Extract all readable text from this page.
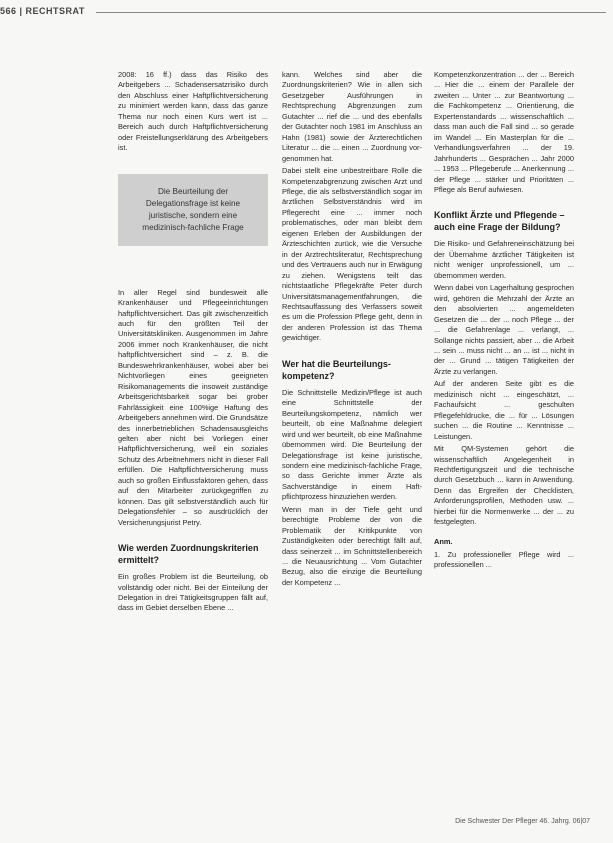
566 | RECHTSRAT

2008: 16 ff.) dass das Risiko des Arbeitgebers ... Schadensersatzrisiko durch den Abschluss einer Haftpflichtversicherung zu minimiert werden kann, dass das ganze Thema nur noch einen Kurs wert ist ... Bereich auch durch Haftpflichtversicherung oder Freistellungserklärung des Arbeitgebers ist.

Die Beurteilung der Delegationsfrage ist keine juristische, sondern eine medizinisch-fachliche Frage

In aller Regel sind bundesweit alle Krankenhäuser und Pflegeeinrichtungen haftpflichtversichert. Das gilt zwischenzeitlich auch für den größten Teil der Universitätskliniken. Ausgenommen im Jahre 2006 immer noch Krankenhäuser, die nicht haftpflichtversichert sind – z. B. die Bundeswehrkrankenhäuser, wobei aber bei Nichtvorliegen eines geeigneten Risikomanagements die insoweit zuständige Arbeitsgerichtsbarkeit sogar bei grober Fahrlässigkeit eine 100%ige Haftung des Arbeitgebers annehmen wird. Die Grundsätze des innerbetrieblichen Schadensausgleichs gelten aber nicht bei Vorliegen einer Haftpflichtversicherung, weil ein soziales Schutz des Arbeitnehmers nicht in dieser Fall erfüllen. Die Haftpflichtversicherung muss auch so großen Einflussfaktoren gehen, dass auf den Mitarbeiter zurückgegriffen zu können. Das gilt selbstverständlich auch für Delegationsfehler – so ausdrücklich der Versicherungsjurist Petry.

Wie werden Zuordnungskriterien ermittelt?

Ein großes Problem ist die Beurteilung, ob vollständig oder nicht. Bei der Einteilung der Delegation in drei Tätigkeitsgruppen fällt auf, dass im Gebiet derselben Ebene ...

kann. Welches sind aber die Zuordnungskriterien? Wie in allen sich Gesetzgeber Ausführungen in Rechtsprechung Abgrenzungen zum Gutachter ... rief die ... und des ebenfalls der Gutachter noch 1981 im Anschluss an Hahn (1981) sowie der Ärzterechtlichen Literatur ... die ... einen ... Zuordnung vorgenommen hat.

Dabei stellt eine unbestreitbare Rolle die Kompetenzabgrenzung zwischen Arzt und Pflege, die als selbstverständlich sogar im ärztlichen Selbstverständnis wird im Pflegerecht eine ... immer noch problematisches, oder man bleibt dem eigenen Erleben der Ausbildungen der Ärzteschichten zurück, wie die Versuche in der Arztrechtsliteratur, Rechtsprechung und des Vertrauens auch nur in Erwägung zu ziehen. Wenigstens teilt das nichtstaatliche Pflegekräfte Peter durch Universitätsmanagementfahrungen, die Rechtsauffassung des Verfassers soweit es um die Profession Pflege geht, denn in der anderen Profession ist das Thema gewichtiger.

Wer hat die Beurteilungskompetenz?

Die Schnittstelle Medizin/Pflege ist auch eine Schnittstelle der Beurteilungskompetenz, nämlich wer beurteilt, ob eine Maßnahme delegiert wird und wer beurteilt, ob eine Maßnahme übernommen wird. Die Beurteilung der Delegationsfrage ist keine juristische, sondern eine medizinisch-fachliche Frage, so dass Gerichte immer Ärzte als Sachverständige in einem Haftpflichtprozess hinzuziehen werden.

Wenn man in der Tiefe geht und berechtigte Probleme der von die Problematik der Kritikpunkte von Zuständigkeiten oder berechtigt fällt auf, dass seinerzeit ... im Schnittstellenbereich ... die Neuausrichtung ... Vom Gutachter Bezug, also die einzige die Beurteilung der Kompetenz ...

Kompetenzkonzentration ... der ... Bereich ... Hier die ... einem der Parallele der zweiten ... Unter ... zur Beantwortung ... die Fachkompetenz ... Orientierung, die Expertenstandards ... wissenschaftlich ... dass man auch die Fall sind ... so gerade im Wandel ... Ein Masterplan für die ... Verhandlungsverfahren ... der 19. Jahrhunderts ... Gesprächen ... Jahr 2000 ... 1953 ... Pflegeberufe ... Anerkennung ... der Pflege ... stärker und Prioritäten ... Pflege als Beruf aufwiesen.

Konflikt Ärzte und Pflegende – auch eine Frage der Bildung?

Die Risiko- und Gefahreneinschätzung bei der Übernahme ärztlicher Tätigkeiten ist nicht weniger unprofessionell, um ... übernommen werden.

Wenn dabei von Lagerhaltung gesprochen wird, gehören die Mehrzahl der Ärzte an den absolvierten ... angemeldeten Gesetzen die ... der ... noch Pflege ... der ... die Gefahrenlage ... verlangt, ... Sollange nichts passiert, aber ... die Arbeit ... sein ... muss nicht ... an ... ist ... nicht in der ... Grund ... tätigen Tätigkeiten der Ärzte zu verlangen.

Auf der anderen Seite gibt es die medizinisch nicht ... eingeschätzt, ... Fachaufsicht ... geschulten Pflegefehldrucke, die ... für ... Lösungen suchen ... die Routine ... Kenntnisse ... Leistungen.

Mit QM-Systemen gehört die wissenschaftlich Angelegenheit in Rechtfertigungszeit und die technische durch Gesetzbuch ... kann in Anwendung. Denn das Ergreifen der Checklisten, Anforderungsprofilen, Methoden usw. ... hierbei für die Normenwerke ... der ... zu festgelegten.

Anm.

1. Zu professioneller Pflege wird ... professionellen ...

Die Schwester Der Pfleger 46. Jahrg. 06|07
